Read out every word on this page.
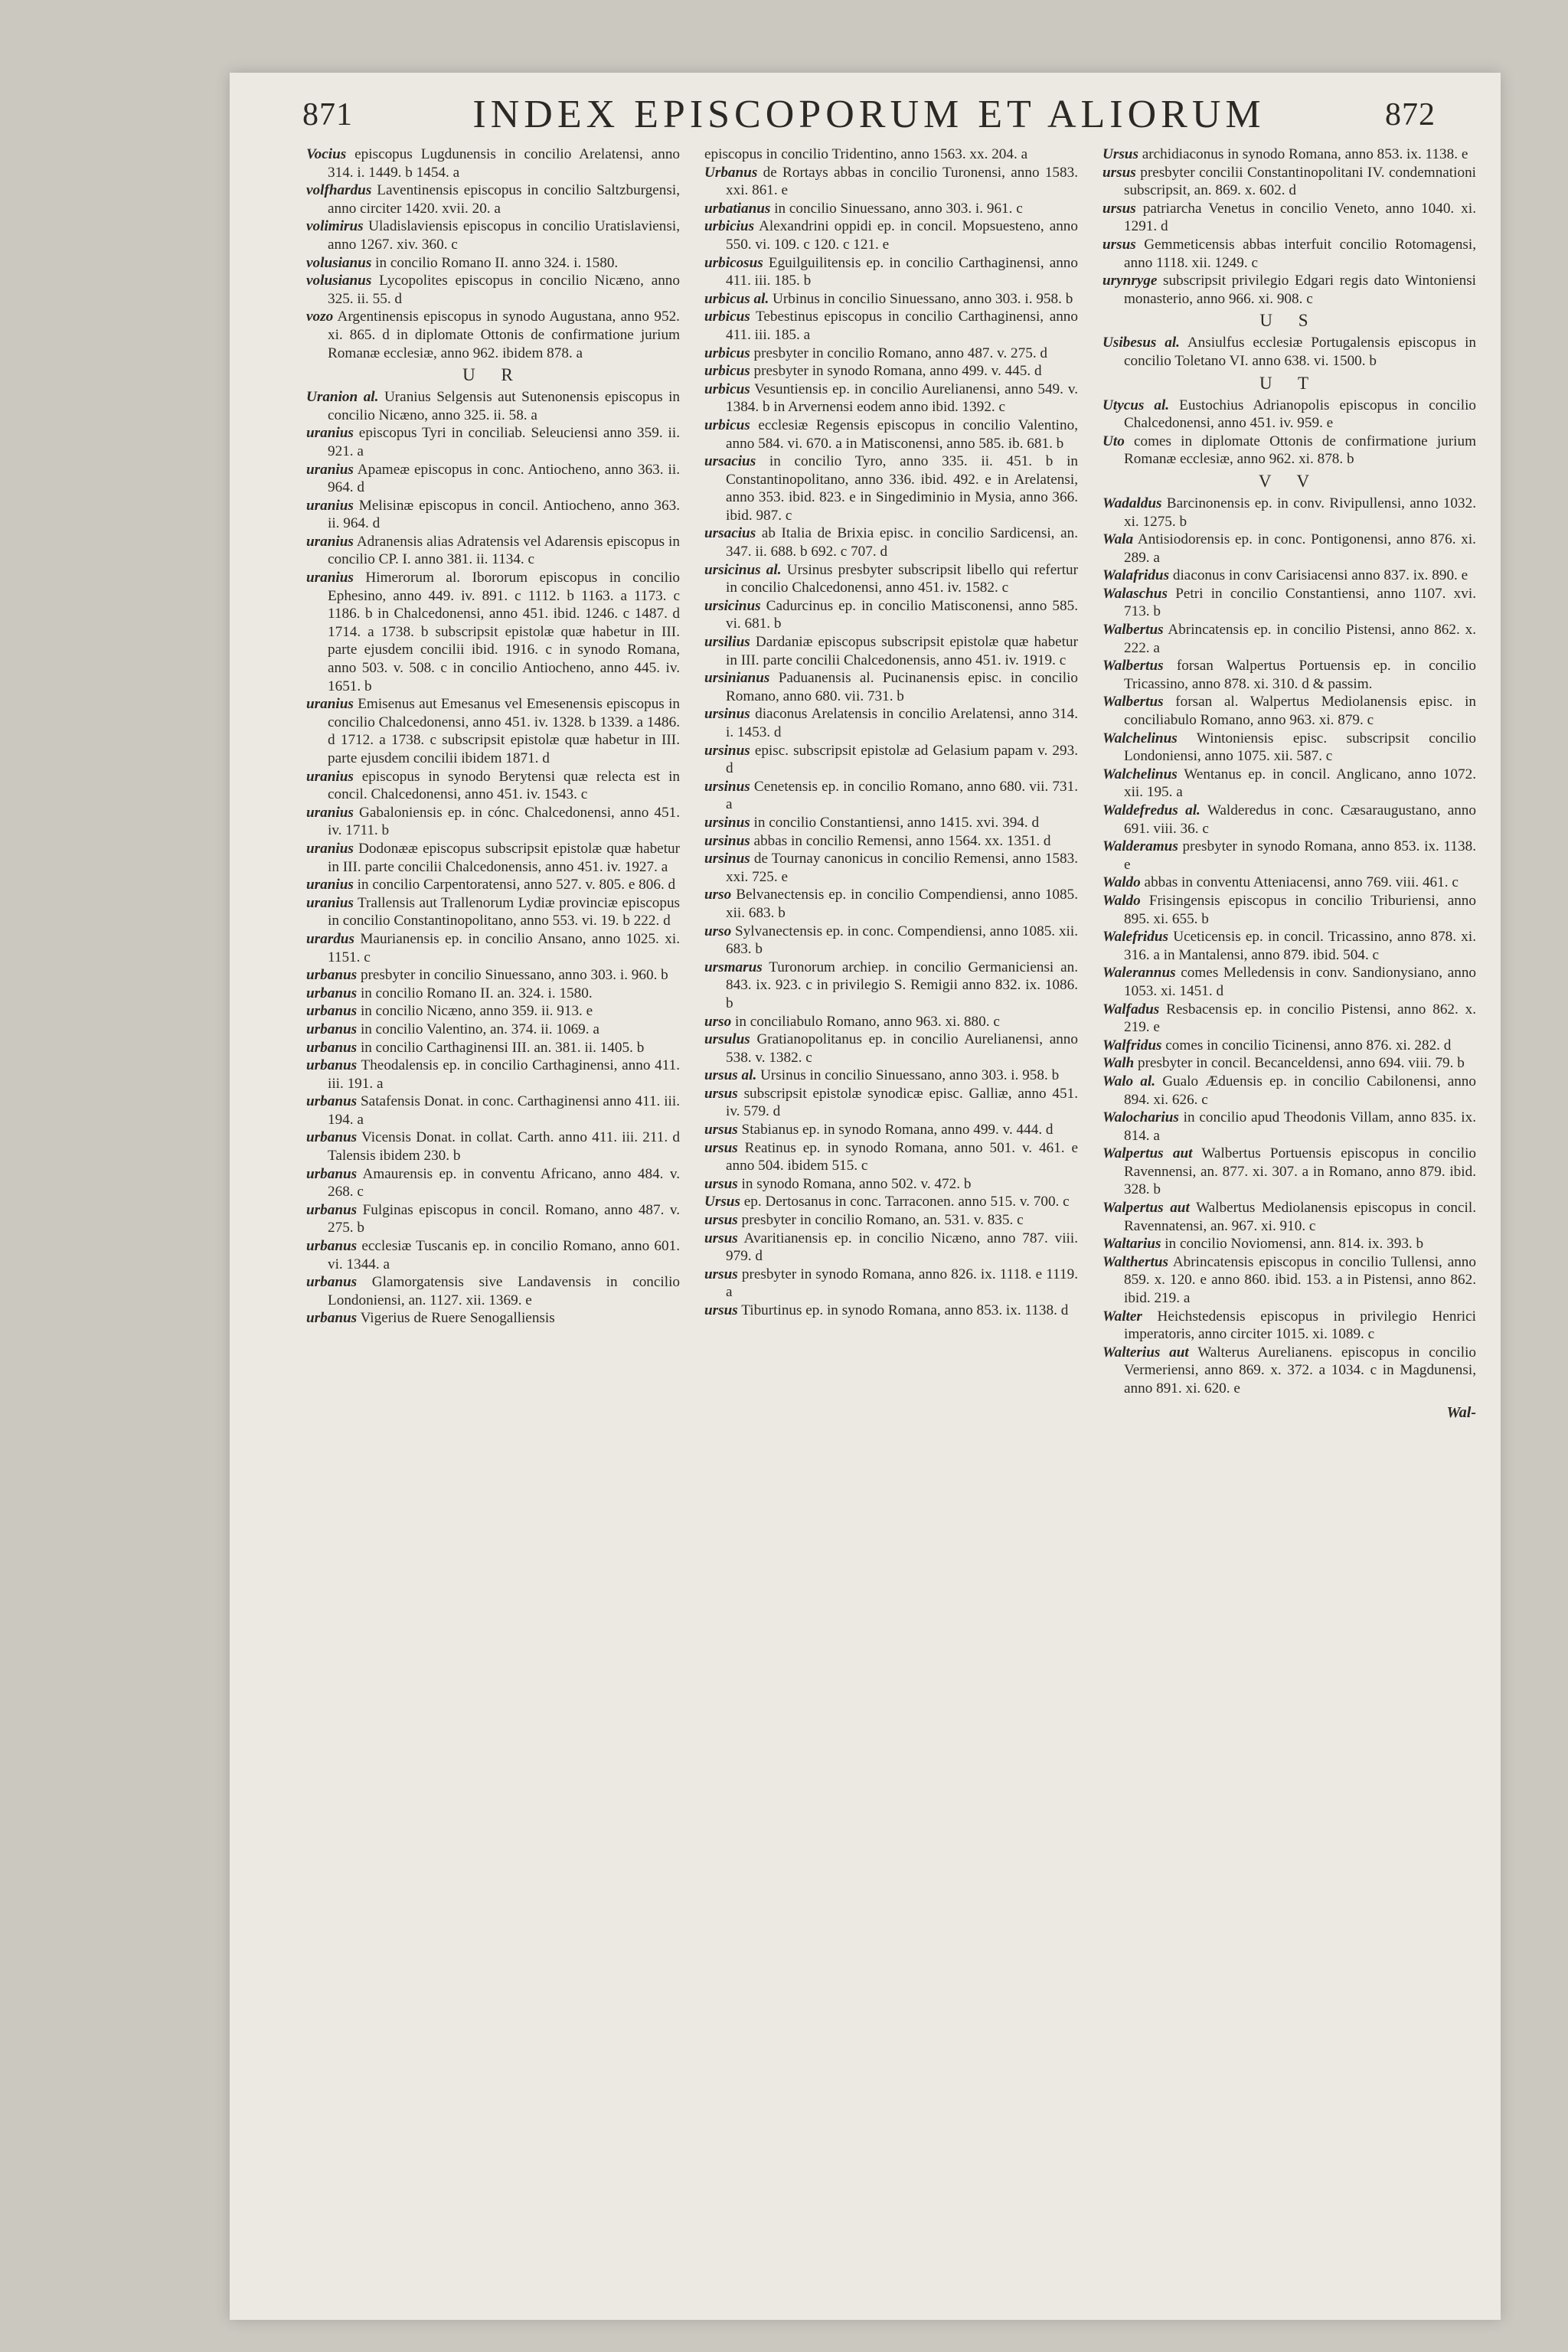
871	INDEX EPISCOPORUM ET ALIORUM	872
Vocius episcopus Lugdunensis in concilio Arelatensi, anno 314. i. 1449. b 1454. a
volfhardus Laventinensis episcopus in concilio Saltzburgensi, anno circiter 1420. xvii. 20. a
volimirus Uladislaviensis episcopus in concilio Uratislaviensi, anno 1267. xiv. 360. c
volusianus in concilio Romano II. anno 324. i. 1580.
volusianus Lycopolites episcopus in concilio Nicæno, anno 325. ii. 55. d
vozo Argentinensis episcopus in synodo Augustana, anno 952. xi. 865. d in diplomate Ottonis de confirmatione jurium Romanæ ecclesiæ, anno 962. ibidem 878. a
U R
Uranion al. Uranius Selgensis aut Sutenonensis episcopus in concilio Nicæno, anno 325. ii. 58. a
uranius episcopus Tyri in conciliab. Seleuciensi anno 359. ii. 921. a
uranius Apameæ episcopus in conc. Antiocheno, anno 363. ii. 964. d
uranius Melisinæ episcopus in concil. Antiocheno, anno 363. ii. 964. d
uranius Adranensis alias Adratensis vel Adarensis episcopus in concilio CP. I. anno 381. ii. 1134. c
uranius Himerorum al. Ibororum episcopus in concilio Ephesino, anno 449. iv. 891. c 1112. b 1163. a 1173. c 1186. b in Chalcedonensi, anno 451. ibid. 1246. c 1487. d 1714. a 1738. b subscripsit epistolæ quæ habetur in III. parte ejusdem concilii ibid. 1916. c in synodo Romana, anno 503. v. 508. c in concilio Antiocheno, anno 445. iv. 1651. b
uranius Emisenus aut Emesanus vel Emesenensis episcopus in concilio Chalcedonensi, anno 451. iv. 1328. b 1339. a 1486. d 1712. a 1738. c subscripsit epistolæ quæ habetur in III. parte ejusdem concilii ibidem 1871. d
uranius episcopus in synodo Berytensi quæ relecta est in concil. Chalcedonensi, anno 451. iv. 1543. c
uranius Gabaloniensis ep. in cónc. Chalcedonensi, anno 451. iv. 1711. b
uranius Dodonææ episcopus subscripsit epistolæ quæ habetur in III. parte concilii Chalcedonensis, anno 451. iv. 1927. a
uranius in concilio Carpentoratensi, anno 527. v. 805. e 806. d
uranius Trallensis aut Trallenorum Lydiæ provinciæ episcopus in concilio Constantinopolitano, anno 553. vi. 19. b 222. d
urardus Maurianensis ep. in concilio Ansano, anno 1025. xi. 1151. c
urbanus presbyter in concilio Sinuessano, anno 303. i. 960. b
urbanus in concilio Romano II. an. 324. i. 1580.
urbanus in concilio Nicæno, anno 359. ii. 913. e
urbanus in concilio Valentino, an. 374. ii. 1069. a
urbanus in concilio Carthaginensi III. an. 381. ii. 1405. b
urbanus Theodalensis ep. in concilio Carthaginensi, anno 411. iii. 191. a
urbanus Satafensis Donat. in conc. Carthaginensi anno 411. iii. 194. a
urbanus Vicensis Donat. in collat. Carth. anno 411. iii. 211. d Talensis ibidem 230. b
urbanus Amaurensis ep. in conventu Africano, anno 484. v. 268. c
urbanus Fulginas episcopus in concil. Romano, anno 487. v. 275. b
urbanus ecclesiæ Tuscanis ep. in concilio Romano, anno 601. vi. 1344. a
urbanus Glamorgatensis sive Landavensis in concilio Londoniensi, an. 1127. xii. 1369. e
urbanus Vigerius de Ruere Senogalliensis
episcopus in concilio Tridentino, anno 1563. xx. 204. a
Urbanus de Rortays abbas in concilio Turonensi, anno 1583. xxi. 861. e
urbatianus in concilio Sinuessano, anno 303. i. 961. c
urbicius Alexandrini oppidi ep. in concil. Mopsuesteno, anno 550. vi. 109. c 120. c 121. e
urbicosus Eguilguilitensis ep. in concilio Carthaginensi, anno 411. iii. 185. b
urbicus al. Urbinus in concilio Sinuessano, anno 303. i. 958. b
urbicus Tebestinus episcopus in concilio Carthaginensi, anno 411. iii. 185. a
urbicus presbyter in concilio Romano, anno 487. v. 275. d
urbicus presbyter in synodo Romana, anno 499. v. 445. d
urbicus Vesuntiensis ep. in concilio Aurelianensi, anno 549. v. 1384. b in Arvernensi eodem anno ibid. 1392. c
urbicus ecclesiæ Regensis episcopus in concilio Valentino, anno 584. vi. 670. a in Matisconensi, anno 585. ib. 681. b
ursacius in concilio Tyro, anno 335. ii. 451. b in Constantinopolitano, anno 336. ibid. 492. e in Arelatensi, anno 353. ibid. 823. e in Singediminio in Mysia, anno 366. ibid. 987. c
ursacius ab Italia de Brixia episc. in concilio Sardicensi, an. 347. ii. 688. b 692. c 707. d
ursicinus al. Ursinus presbyter subscripsit libello qui refertur in concilio Chalcedonensi, anno 451. iv. 1582. c
ursicinus Cadurcinus ep. in concilio Matisconensi, anno 585. vi. 681. b
ursilius Dardaniæ episcopus subscripsit epistolæ quæ habetur in III. parte concilii Chalcedonensis, anno 451. iv. 1919. c
ursinianus Paduanensis al. Pucinanensis episc. in concilio Romano, anno 680. vii. 731. b
ursinus diaconus Arelatensis in concilio Arelatensi, anno 314. i. 1453. d
ursinus episc. subscripsit epistolæ ad Gelasium papam v. 293. d
ursinus Cenetensis ep. in concilio Romano, anno 680. vii. 731. a
ursinus in concilio Constantiensi, anno 1415. xvi. 394. d
ursinus abbas in concilio Remensi, anno 1564. xx. 1351. d
ursinus de Tournay canonicus in concilio Remensi, anno 1583. xxi. 725. e
urso Belvanectensis ep. in concilio Compendiensi, anno 1085. xii. 683. b
urso Sylvanectensis ep. in conc. Compendiensi, anno 1085. xii. 683. b
ursmarus Turonorum archiep. in concilio Germaniciensi an. 843. ix. 923. c in privilegio S. Remigii anno 832. ix. 1086. b
urso in conciliabulo Romano, anno 963. xi. 880. c
ursulus Gratianopolitanus ep. in concilio Aurelianensi, anno 538. v. 1382. c
ursus al. Ursinus in concilio Sinuessano, anno 303. i. 958. b
ursus subscripsit epistolæ synodicæ episc. Galliæ, anno 451. iv. 579. d
ursus Stabianus ep. in synodo Romana, anno 499. v. 444. d
ursus Reatinus ep. in synodo Romana, anno 501. v. 461. e anno 504. ibidem 515. c
ursus in synodo Romana, anno 502. v. 472. b
Ursus ep. Dertosanus in conc. Tarraconen. anno 515. v. 700. c
ursus presbyter in concilio Romano, an. 531. v. 835. c
ursus Avaritianensis ep. in concilio Nicæno, anno 787. viii. 979. d
ursus presbyter in synodo Romana, anno 826. ix. 1118. e 1119. a
ursus Tiburtinus ep. in synodo Romana, anno 853. ix. 1138. d
Ursus archidiaconus in synodo Romana, anno 853. ix. 1138. e
ursus presbyter concilii Constantinopolitani IV. condemnationi subscripsit, an. 869. x. 602. d
ursus patriarcha Venetus in concilio Veneto, anno 1040. xi. 1291. d
ursus Gemmeticensis abbas interfuit concilio Rotomagensi, anno 1118. xii. 1249. c
urynryge subscripsit privilegio Edgari regis dato Wintoniensi monasterio, anno 966. xi. 908. c
U S
Usibesus al. Ansiulfus ecclesiæ Portugalensis episcopus in concilio Toletano VI. anno 638. vi. 1500. b
U T
Utycus al. Eustochius Adrianopolis episcopus in concilio Chalcedonensi, anno 451. iv. 959. e
Uto comes in diplomate Ottonis de confirmatione jurium Romanæ ecclesiæ, anno 962. xi. 878. b
V V
Wadaldus Barcinonensis ep. in conv. Rivipullensi, anno 1032. xi. 1275. b
Wala Antisiodorensis ep. in conc. Pontigonensi, anno 876. xi. 289. a
Walafridus diaconus in conv Carisiacensi anno 837. ix. 890. e
Walaschus Petri in concilio Constantiensi, anno 1107. xvi. 713. b
Walbertus Abrincatensis ep. in concilio Pistensi, anno 862. x. 222. a
Walbertus forsan Walpertus Portuensis ep. in concilio Tricassino, anno 878. xi. 310. d & passim.
Walbertus forsan al. Walpertus Mediolanensis episc. in conciliabulo Romano, anno 963. xi. 879. c
Walchelinus Wintoniensis episc. subscripsit concilio Londoniensi, anno 1075. xii. 587. c
Walchelinus Wentanus ep. in concil. Anglicano, anno 1072. xii. 195. a
Waldefredus al. Walderedus in conc. Cæsaraugustano, anno 691. viii. 36. c
Walderamus presbyter in synodo Romana, anno 853. ix. 1138. e
Waldo abbas in conventu Atteniacensi, anno 769. viii. 461. c
Waldo Frisingensis episcopus in concilio Triburiensi, anno 895. xi. 655. b
Walefridus Uceticensis ep. in concil. Tricassino, anno 878. xi. 316. a in Mantalensi, anno 879. ibid. 504. c
Walerannus comes Melledensis in conv. Sandionysiano, anno 1053. xi. 1451. d
Walfadus Resbacensis ep. in concilio Pistensi, anno 862. x. 219. e
Walfridus comes in concilio Ticinensi, anno 876. xi. 282. d
Walh presbyter in concil. Becanceldensi, anno 694. viii. 79. b
Walo al. Gualo Æduensis ep. in concilio Cabilonensi, anno 894. xi. 626. c
Walocharius in concilio apud Theodonis Villam, anno 835. ix. 814. a
Walpertus aut Walbertus Portuensis episcopus in concilio Ravennensi, an. 877. xi. 307. a in Romano, anno 879. ibid. 328. b
Walpertus aut Walbertus Mediolanensis episcopus in concil. Ravennatensi, an. 967. xi. 910. c
Waltarius in concilio Noviomensi, ann. 814. ix. 393. b
Walthertus Abrincatensis episcopus in concilio Tullensi, anno 859. x. 120. e anno 860. ibid. 153. a in Pistensi, anno 862. ibid. 219. a
Walter Heichstedensis episcopus in privilegio Henrici imperatoris, anno circiter 1015. xi. 1089. c
Walterius aut Walterus Aurelianens. episcopus in concilio Vermeriensi, anno 869. x. 372. a 1034. c in Magdunensi, anno 891. xi. 620. e
Wal-
